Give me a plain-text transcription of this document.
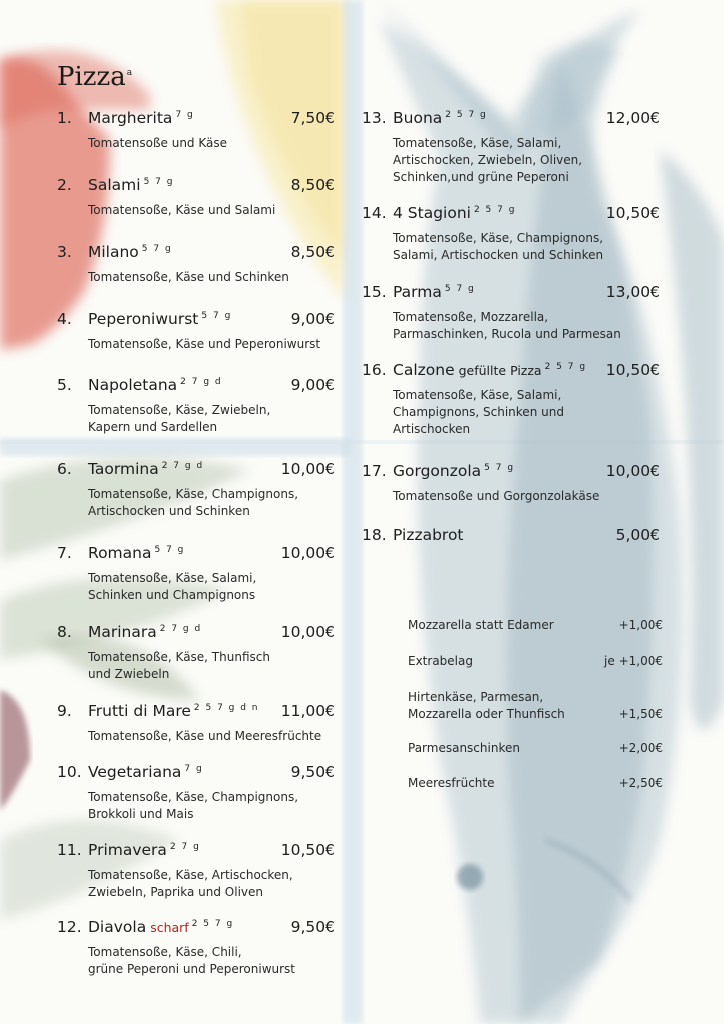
Pizza$^a$
1. Margherita $^{7 g}$	7,50€
Tomatensoße und Käse
2. Salami $^{5 7 g}$	8,50€
Tomatensoße, Käse und Salami
3. Milano $^{5 7 g}$	8,50€
Tomatensoße, Käse und Schinken
4. Peperoniwurst $^{5 7 g}$	9,00€
Tomatensoße, Käse und Peperoniwurst
5. Napoletana $^{2 7 g d}$	9,00€
Tomatensoße, Käse, Zwiebeln,
Kapern und Sardellen
6. Taormina $^{2 7 g d}$	10,00€
Tomatensoße, Käse, Champignons,
Artischocken und Schinken
7. Romana $^{5 7 g}$	10,00€
Tomatensoße, Käse, Salami,
Schinken und Champignons
8. Marinara $^{2 7 g d}$	10,00€
Tomatensoße, Käse, Thunfisch
und Zwiebeln
9. Frutti di Mare $^{2 5 7 g d n}$ 11,00€
Tomatensoße, Käse und Meeresfrüchte
10. Vegetariana $^{7 g}$	9,50€
Tomatensoße, Käse, Champignons,
Brokkoli und Mais
11. Primavera $^{2 7 g}$	10,50€
Tomatensoße, Käse, Artischocken,
Zwiebeln, Paprika und Oliven
12. Diavola scharf $^{2 5 7 g}$	9,50€
Tomatensoße, Käse, Chili,
grüne Peperoni und Peperoniwurst
13. Buona $^{2 5 7 g}$	12,00€
Tomatensoße, Käse, Salami,
Artischocken, Zwiebeln, Oliven,
Schinken,und grüne Peperoni
14. 4 Stagioni $^{2 5 7 g}$	10,50€
Tomatensoße, Käse, Champignons,
Salami, Artischocken und Schinken
15. Parma $^{5 7 g}$	13,00€
Tomatensoße, Mozzarella,
Parmaschinken, Rucola und Parmesan
16. Calzone gefüllte Pizza $^{2 5 7 g}$ 10,50€
Tomatensoße, Käse, Salami,
Champignons, Schinken und
Artischocken
17. Gorgonzola $^{5 7 g}$	10,00€
Tomatensoße und Gorgonzolakäse
18. Pizzabrot	5,00€
Mozzarella statt Edamer	+1,00€
Extrabelag	je +1,00€
Hirtenkäse, Parmesan,
Mozzarella oder Thunfisch	+1,50€
Parmesanschinken	+2,00€
Meeresfrüchte	+2,50€
